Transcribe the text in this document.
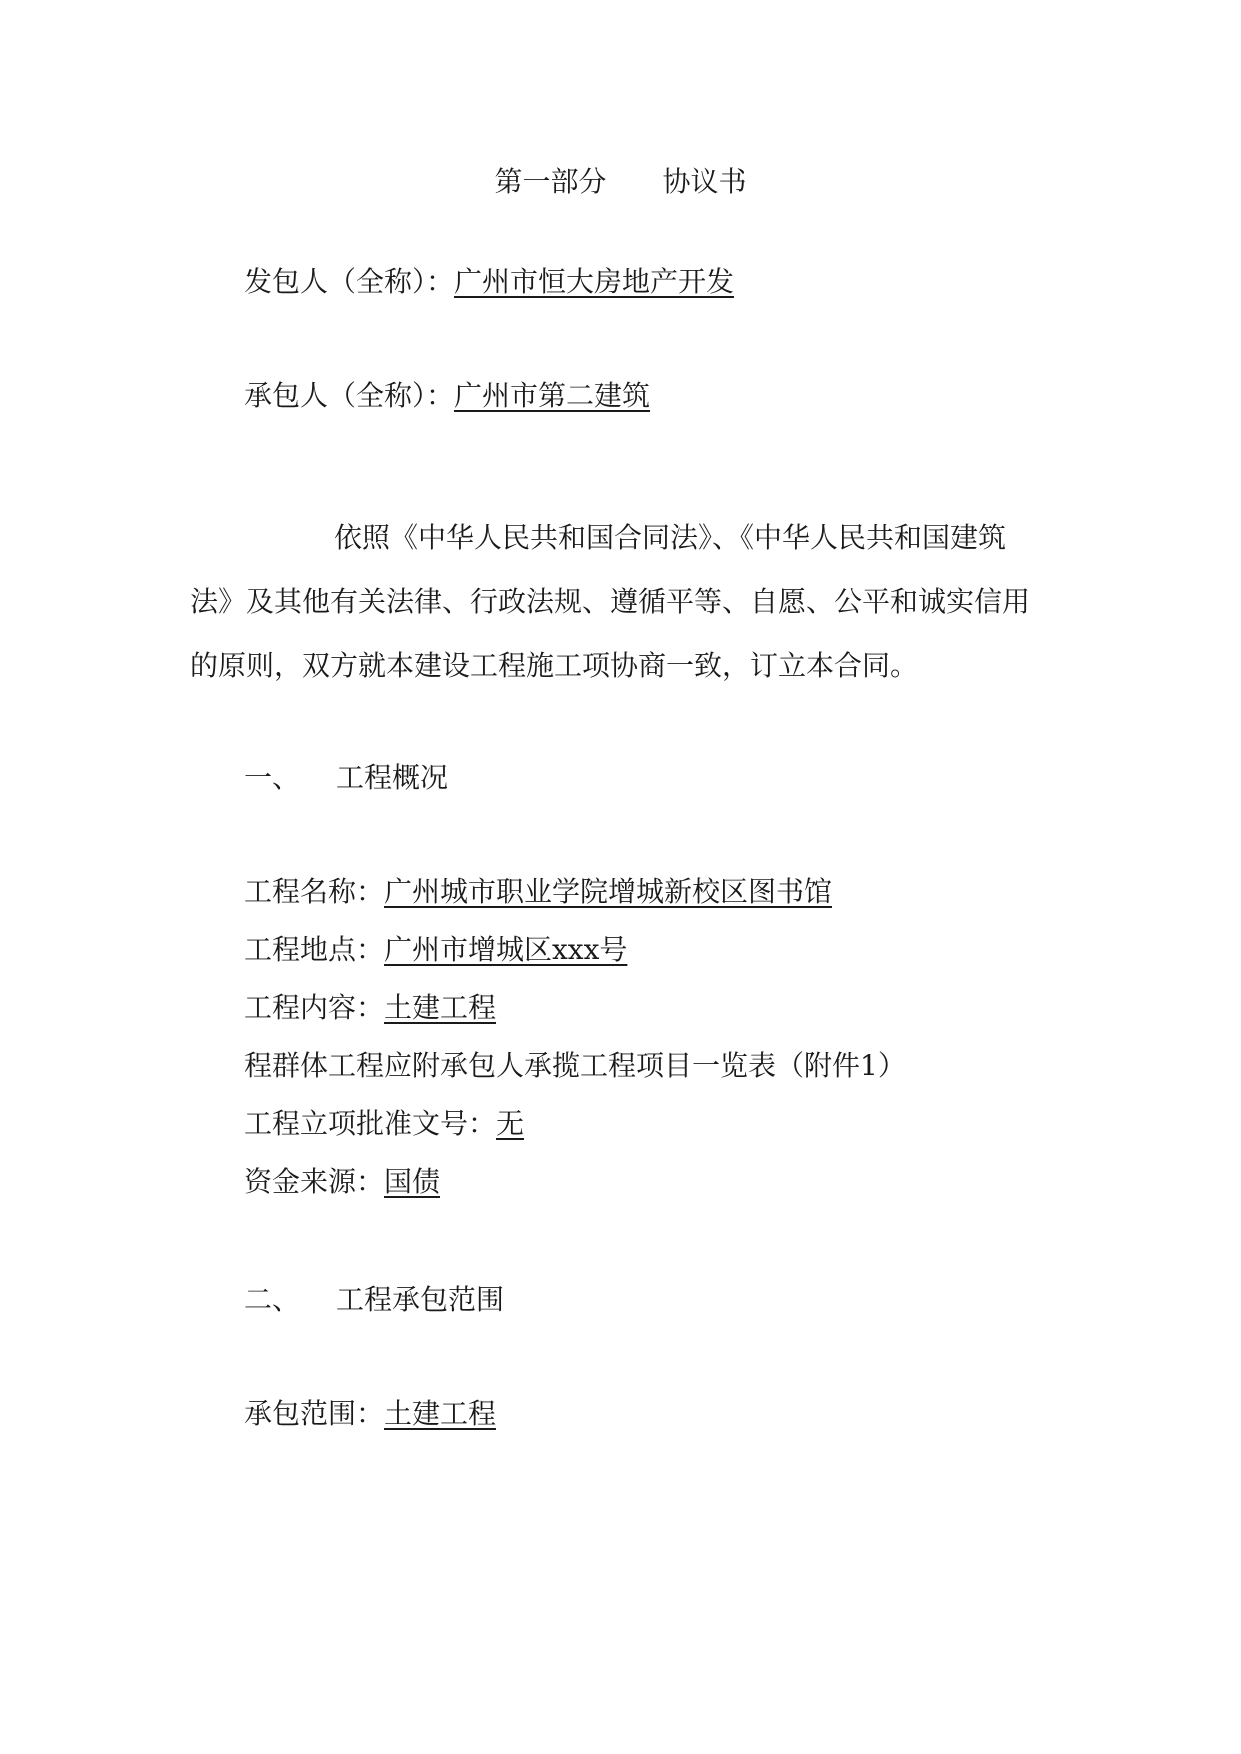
第一部分 协议书
发包人（全称）：广州市恒大房地产开发
承包人（全称）：广州市第二建筑
依照《中华人民共和国合同法》、《中华人民共和国建筑
法》及其他有关法律、行政法规、遵循平等、自愿、公平和诚实信用
的原则，双方就本建设工程施工项协商一致，订立本合同。
一、 工程概况
工程名称：广州城市职业学院增城新校区图书馆
工程地点：广州市增城区xxx号
工程内容：土建工程
程群体工程应附承包人承揽工程项目一览表（附件1）
工程立项批准文号：无
资金来源：国债
二、 工程承包范围
承包范围：土建工程
